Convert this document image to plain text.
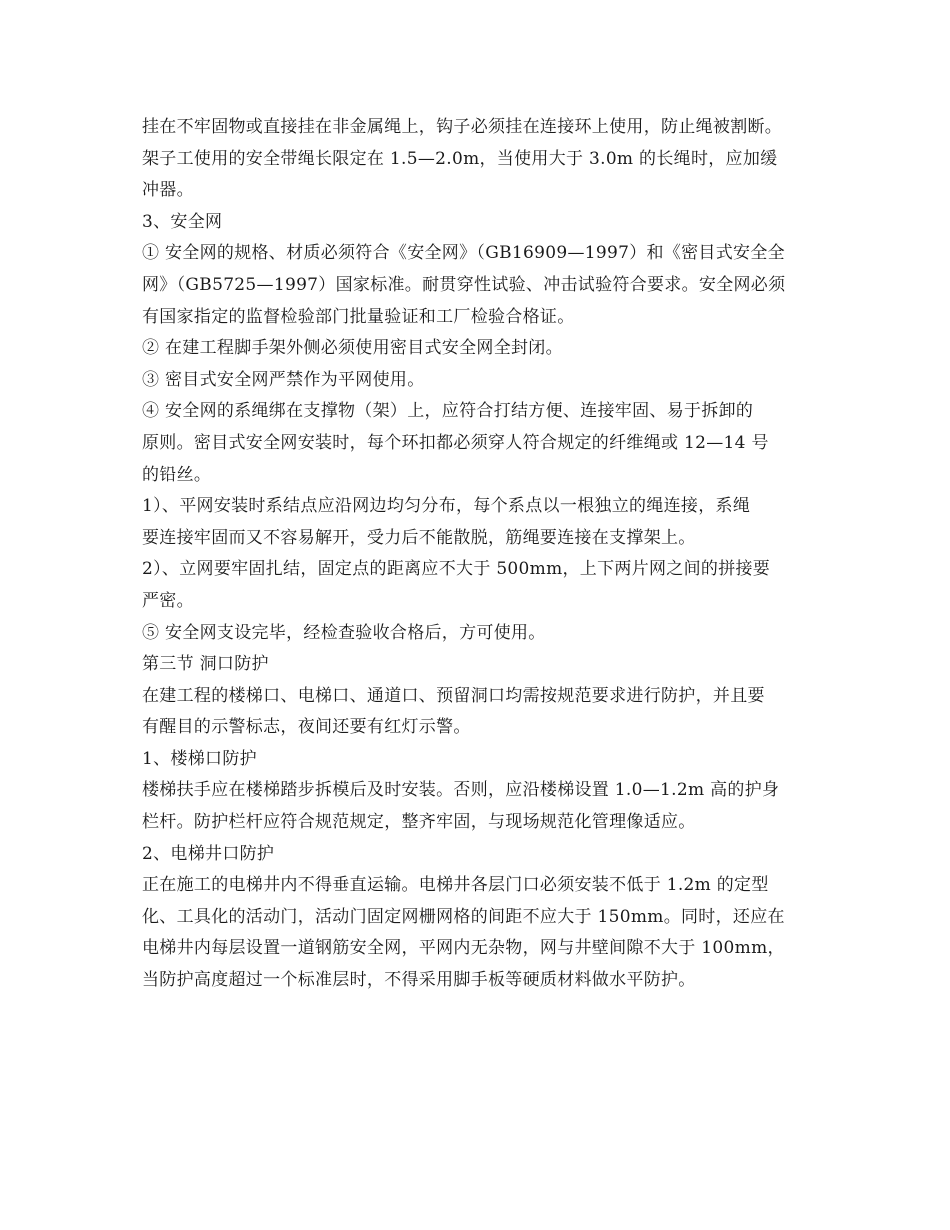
挂在不牢固物或直接挂在非金属绳上，钩子必须挂在连接环上使用，防止绳被割断。
架子工使用的安全带绳长限定在 1.5—2.0m，当使用大于 3.0m 的长绳时，应加缓
冲器。
3、安全网
① 安全网的规格、材质必须符合《安全网》（GB16909—1997）和《密目式安全全
网》（GB5725—1997）国家标准。耐贯穿性试验、冲击试验符合要求。安全网必须
有国家指定的监督检验部门批量验证和工厂检验合格证。
② 在建工程脚手架外侧必须使用密目式安全网全封闭。
③ 密目式安全网严禁作为平网使用。
④ 安全网的系绳绑在支撑物（架）上，应符合打结方便、连接牢固、易于拆卸的
原则。密目式安全网安装时，每个环扣都必须穿人符合规定的纤维绳或 12—14 号
的铅丝。
1）、平网安装时系结点应沿网边均匀分布，每个系点以一根独立的绳连接，系绳
要连接牢固而又不容易解开，受力后不能散脱，筋绳要连接在支撑架上。
2）、立网要牢固扎结，固定点的距离应不大于 500mm，上下两片网之间的拼接要
严密。
⑤ 安全网支设完毕，经检查验收合格后，方可使用。
第三节 洞口防护
在建工程的楼梯口、电梯口、通道口、预留洞口均需按规范要求进行防护，并且要
有醒目的示警标志，夜间还要有红灯示警。
1、楼梯口防护
楼梯扶手应在楼梯踏步拆模后及时安装。否则，应沿楼梯设置 1.0—1.2m 高的护身
栏杆。防护栏杆应符合规范规定，整齐牢固，与现场规范化管理像适应。
2、电梯井口防护
正在施工的电梯井内不得垂直运输。电梯井各层门口必须安装不低于 1.2m 的定型
化、工具化的活动门，活动门固定网栅网格的间距不应大于 150mm。同时，还应在
电梯井内每层设置一道钢筋安全网，平网内无杂物，网与井壁间隙不大于 100mm，
当防护高度超过一个标准层时，不得采用脚手板等硬质材料做水平防护。
